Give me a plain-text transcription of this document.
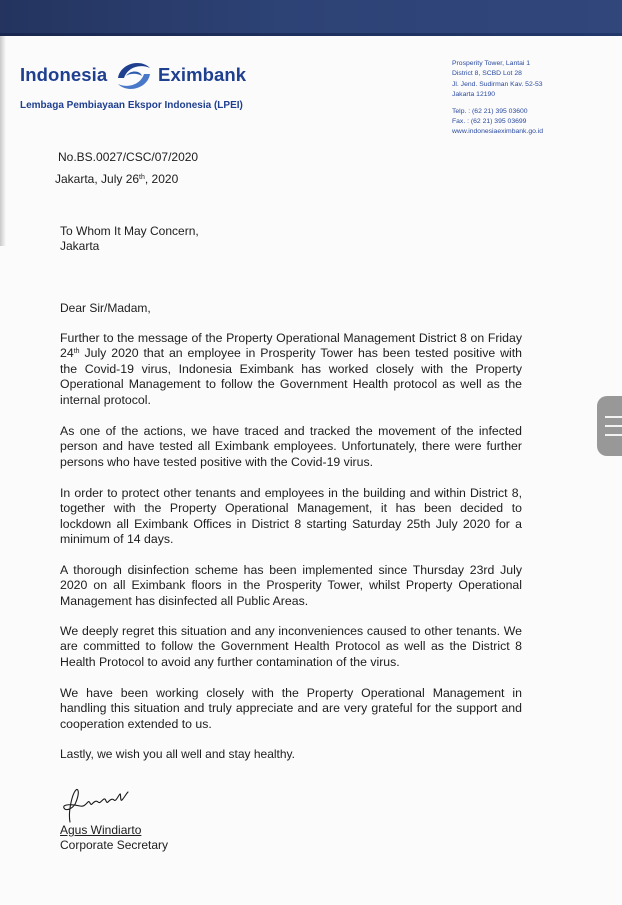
Indonesia	Eximbank
Lembaga Pembiayaan Ekspor Indonesia (LPEI)
Prosperity Tower, Lantai 1
District 8, SCBD Lot 28
Jl. Jend. Sudirman Kav. 52-53
Jakarta 12190
Telp. : (62 21) 395 03600
Fax. : (62 21) 395 03699
www.indonesiaeximbank.go.id
No.BS.0027/CSC/07/2020
Jakarta, July 26th, 2020
To Whom It May Concern,
Jakarta
Dear Sir/Madam,
Further to the message of the Property Operational Management District 8 on Friday 24th July 2020 that an employee in Prosperity Tower has been tested positive with the Covid-19 virus, Indonesia Eximbank has worked closely with the Property Operational Management to follow the Government Health protocol as well as the internal protocol.
As one of the actions, we have traced and tracked the movement of the infected person and have tested all Eximbank employees. Unfortunately, there were further persons who have tested positive with the Covid-19 virus.
In order to protect other tenants and employees in the building and within District 8, together with the Property Operational Management, it has been decided to lockdown all Eximbank Offices in District 8 starting Saturday 25th July 2020 for a minimum of 14 days.
A thorough disinfection scheme has been implemented since Thursday 23rd July 2020 on all Eximbank floors in the Prosperity Tower, whilst Property Operational Management has disinfected all Public Areas.
We deeply regret this situation and any inconveniences caused to other tenants. We are committed to follow the Government Health Protocol as well as the District 8 Health Protocol to avoid any further contamination of the virus.
We have been working closely with the Property Operational Management in handling this situation and truly appreciate and are very grateful for the support and cooperation extended to us.
Lastly, we wish you all well and stay healthy.
Agus Windiarto
Corporate Secretary
